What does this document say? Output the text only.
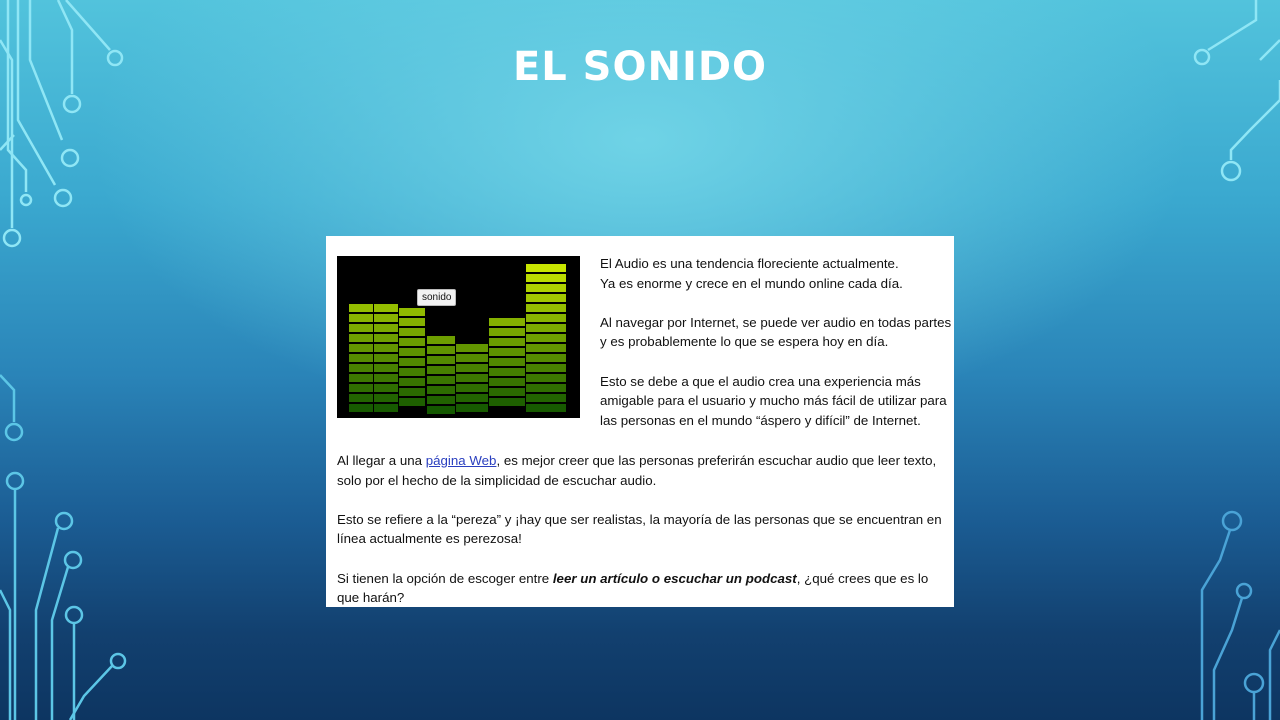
EL SONIDO
sonido

El Audio es una tendencia floreciente actualmente.
Ya es enorme y crece en el mundo online cada día.

Al navegar por Internet, se puede ver audio en todas partes y es probablemente lo que se espera hoy en día.

Esto se debe a que el audio crea una experiencia más amigable para el usuario y mucho más fácil de utilizar para las personas en el mundo “áspero y difícil” de Internet.

Al llegar a una página Web, es mejor creer que las personas preferirán escuchar audio que leer texto, solo por el hecho de la simplicidad de escuchar audio.

Esto se refiere a la “pereza” y ¡hay que ser realistas, la mayoría de las personas que se encuentran en línea actualmente es perezosa!

Si tienen la opción de escoger entre leer un artículo o escuchar un podcast, ¿qué crees que es lo que harán?
